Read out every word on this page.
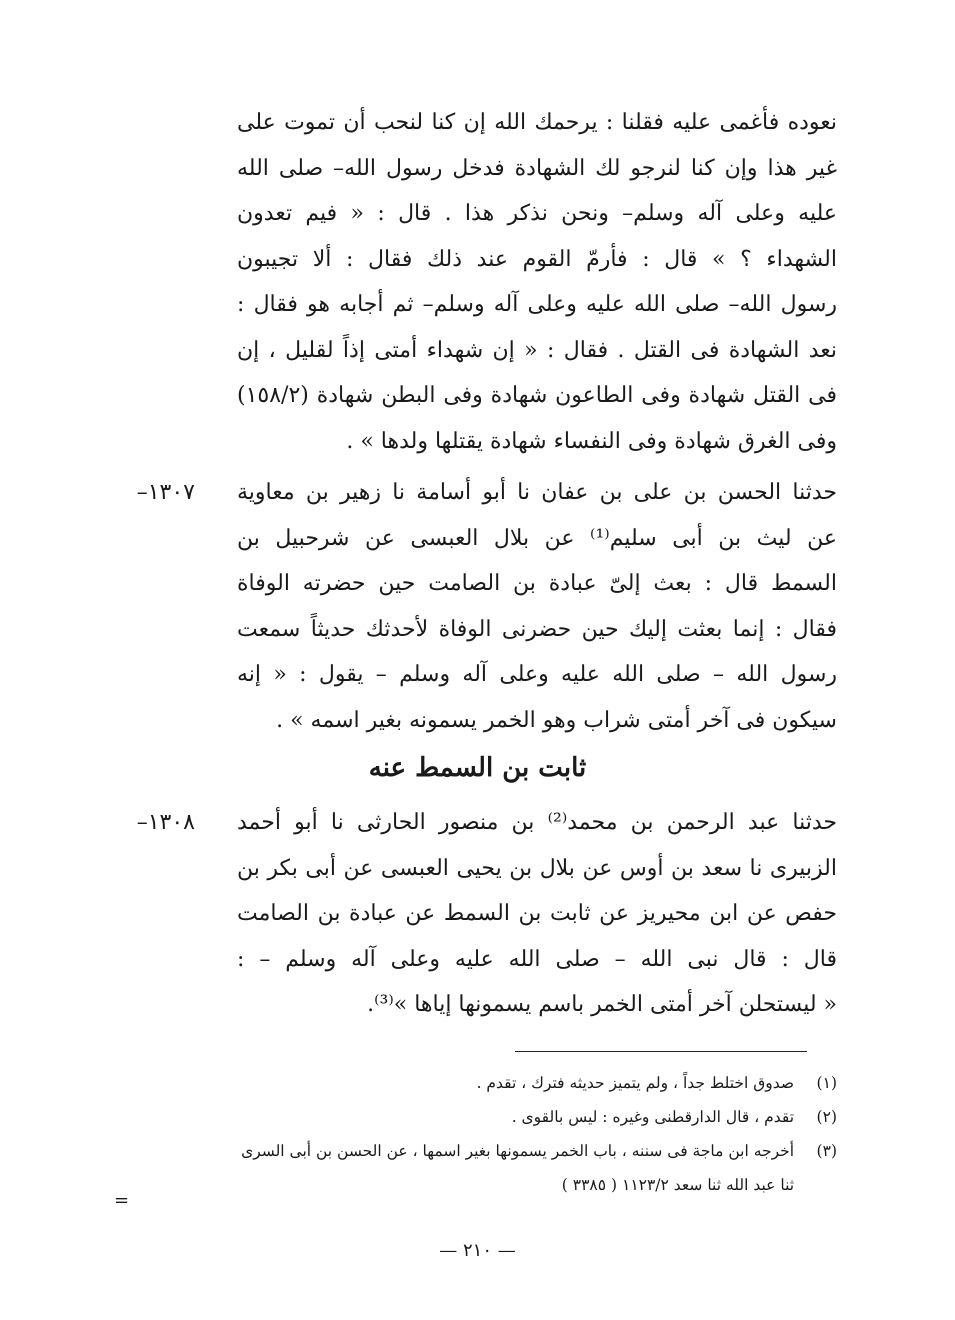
نعوده فأغمى عليه فقلنا : يرحمك الله إن كنا لنحب أن تموت على
غير هذا وإن كنا لنرجو لك الشهادة فدخل رسول الله– صلى الله
عليه وعلى آله وسلم– ونحن نذكر هذا . قال : « فيم تعدون
الشهداء ؟ » قال : فأرمّ القوم عند ذلك فقال : ألا تجيبون
رسول الله– صلى الله عليه وعلى آله وسلم– ثم أجابه هو فقال :
نعد الشهادة فى القتل . فقال : « إن شهداء أمتى إذاً لقليل ، إن
فى القتل شهادة وفى الطاعون شهادة وفى البطن شهادة (١٥٨/٢)
وفى الغرق شهادة وفى النفساء شهادة يقتلها ولدها » .
١٣٠٧– حدثنا الحسن بن على بن عفان نا أبو أسامة نا زهير بن معاوية
عن ليث بن أبى سليم⁽¹⁾ عن بلال العبسى عن شرحبيل بن
السمط قال : بعث إلىّ عبادة بن الصامت حين حضرته الوفاة
فقال : إنما بعثت إليك حين حضرنى الوفاة لأحدثك حديثاً سمعت
رسول الله – صلى الله عليه وعلى آله وسلم – يقول : « إنه
سيكون فى آخر أمتى شراب وهو الخمر يسمونه بغير اسمه » .
ثابت بن السمط عنه
١٣٠٨– حدثنا عبد الرحمن بن محمد⁽²⁾ بن منصور الحارثى نا أبو أحمد
الزبيرى نا سعد بن أوس عن بلال بن يحيى العبسى عن أبى بكر بن
حفص عن ابن محيريز عن ثابت بن السمط عن عبادة بن الصامت
قال : قال نبى الله – صلى الله عليه وعلى آله وسلم – :
« ليستحلن آخر أمتى الخمر باسم يسمونها إياها »⁽³⁾.
(١) صدوق اختلط جداً ، ولم يتميز حديثه فترك ، تقدم .
(٢) تقدم ، قال الدارقطنى وغيره : ليس بالقوى .
(٣) أخرجه ابن ماجة فى سننه ، باب الخمر يسمونها بغير اسمها ، عن الحسن بن أبى السرى
ثنا عبد الله ثنا سعد ١١٢٣/٢ ( ٣٣٨٥ )
=
— ٢١٠ —
